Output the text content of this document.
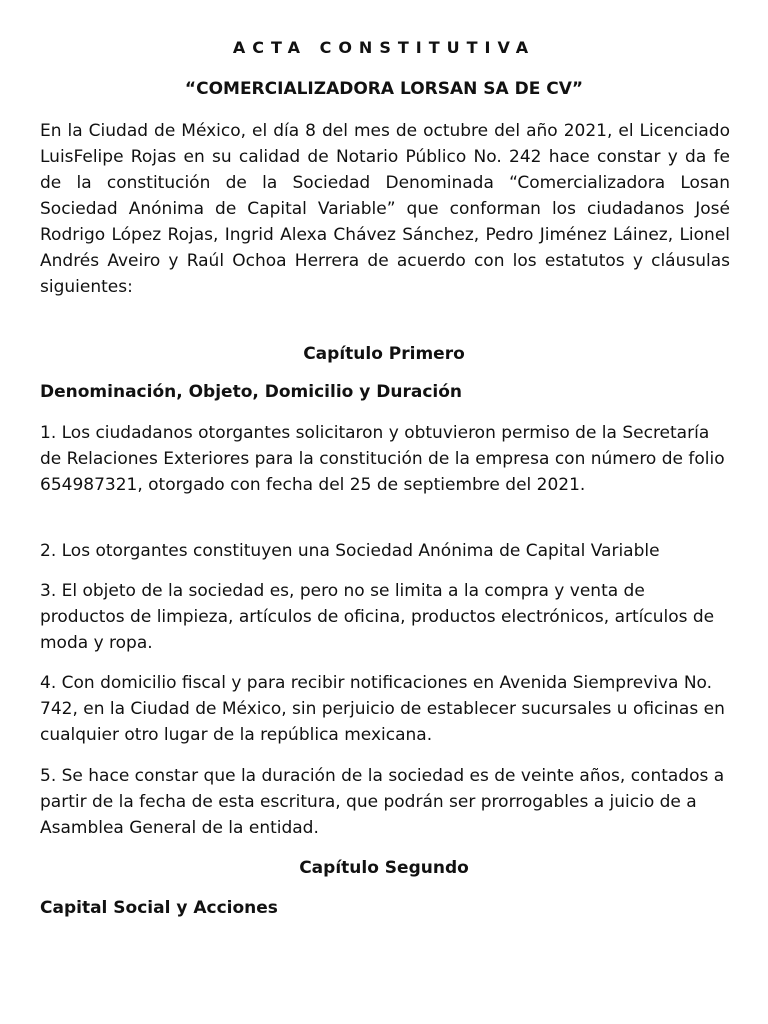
ACTA CONSTITUTIVA
“COMERCIALIZADORA LORSAN SA DE CV”
En la Ciudad de México, el día 8 del mes de octubre del año 2021, el Licenciado LuisFelipe Rojas en su calidad de Notario Público No. 242 hace constar y da fe de la constitución de la Sociedad Denominada “Comercializadora Losan Sociedad Anónima de Capital Variable” que conforman los ciudadanos José Rodrigo López Rojas, Ingrid Alexa Chávez Sánchez, Pedro Jiménez Láinez, Lionel Andrés Aveiro y Raúl Ochoa Herrera de acuerdo con los estatutos y cláusulas siguientes:
Capítulo Primero
Denominación, Objeto, Domicilio y Duración
1. Los ciudadanos otorgantes solicitaron y obtuvieron permiso de la Secretaría de Relaciones Exteriores para la constitución de la empresa con número de folio 654987321, otorgado con fecha del 25 de septiembre del 2021.
2. Los otorgantes constituyen una Sociedad Anónima de Capital Variable
3. El objeto de la sociedad es, pero no se limita a la compra y venta de productos de limpieza, artículos de oficina, productos electrónicos, artículos de moda y ropa.
4. Con domicilio fiscal y para recibir notificaciones en Avenida Siempreviva No. 742, en la Ciudad de México, sin perjuicio de establecer sucursales u oficinas en cualquier otro lugar de la república mexicana.
5. Se hace constar que la duración de la sociedad es de veinte años, contados a partir de la fecha de esta escritura, que podrán ser prorrogables a juicio de a Asamblea General de la entidad.
Capítulo Segundo
Capital Social y Acciones
